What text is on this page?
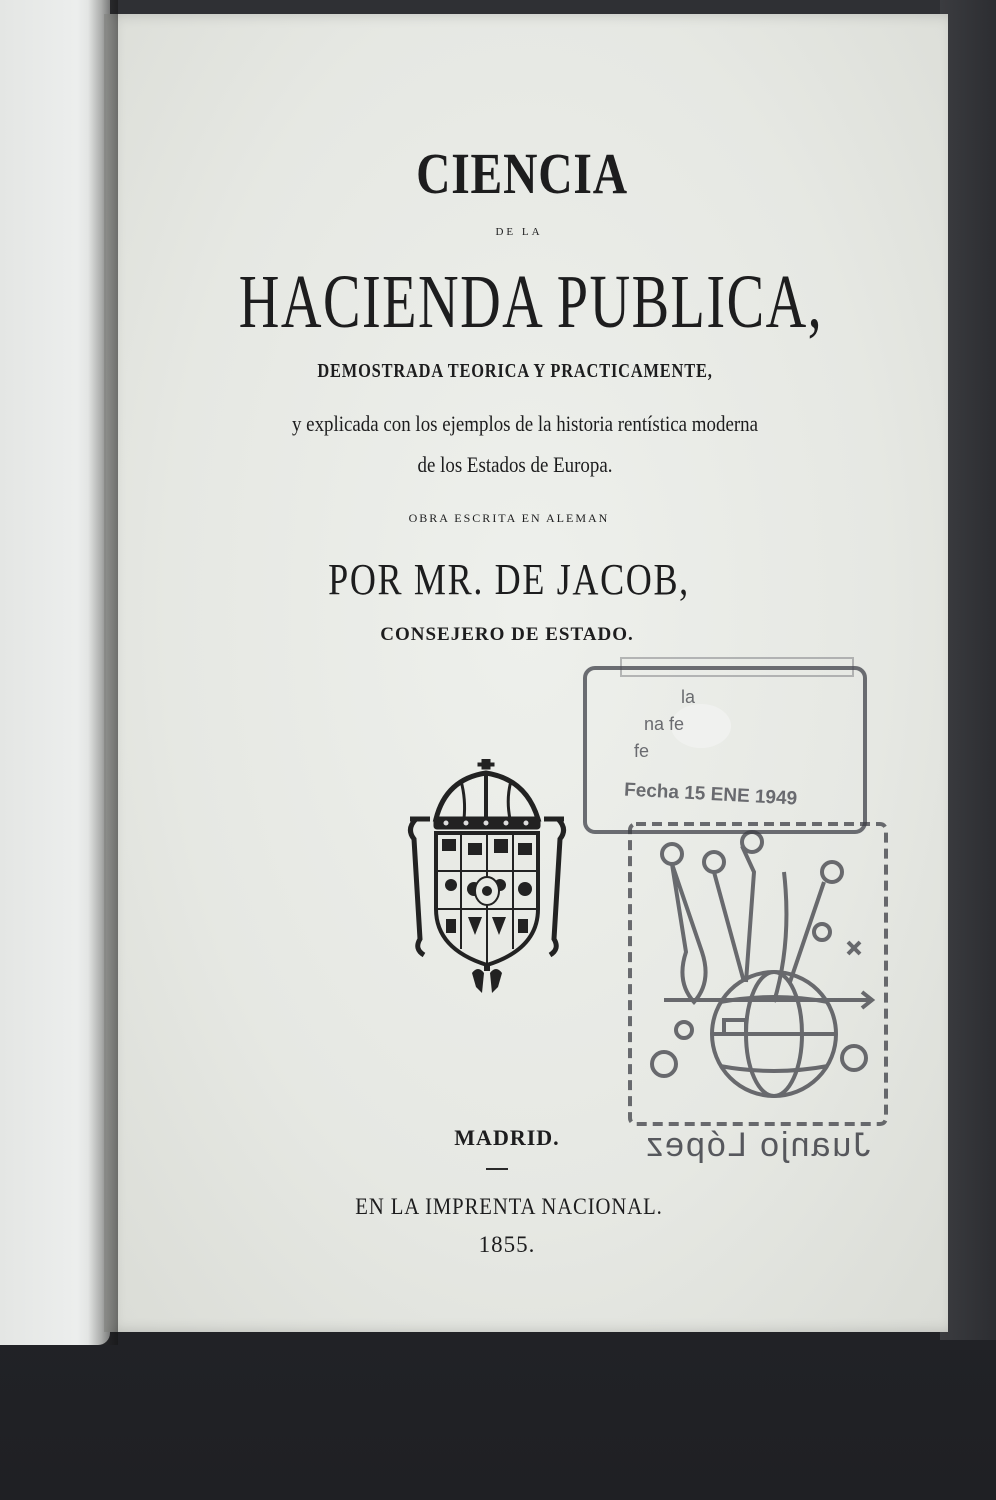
CIENCIA
DE LA
HACIENDA PUBLICA,
DEMOSTRADA TEORICA Y PRACTICAMENTE,
y explicada con los ejemplos de la historia rentística moderna
de los Estados de Europa.
OBRA ESCRITA EN ALEMAN
POR MR. DE JACOB,
CONSEJERO DE ESTADO.
MADRID.
EN LA IMPRENTA NACIONAL.
1855.
la
na fe
fe
Fecha 15 ENE 1949
Juanjo López
